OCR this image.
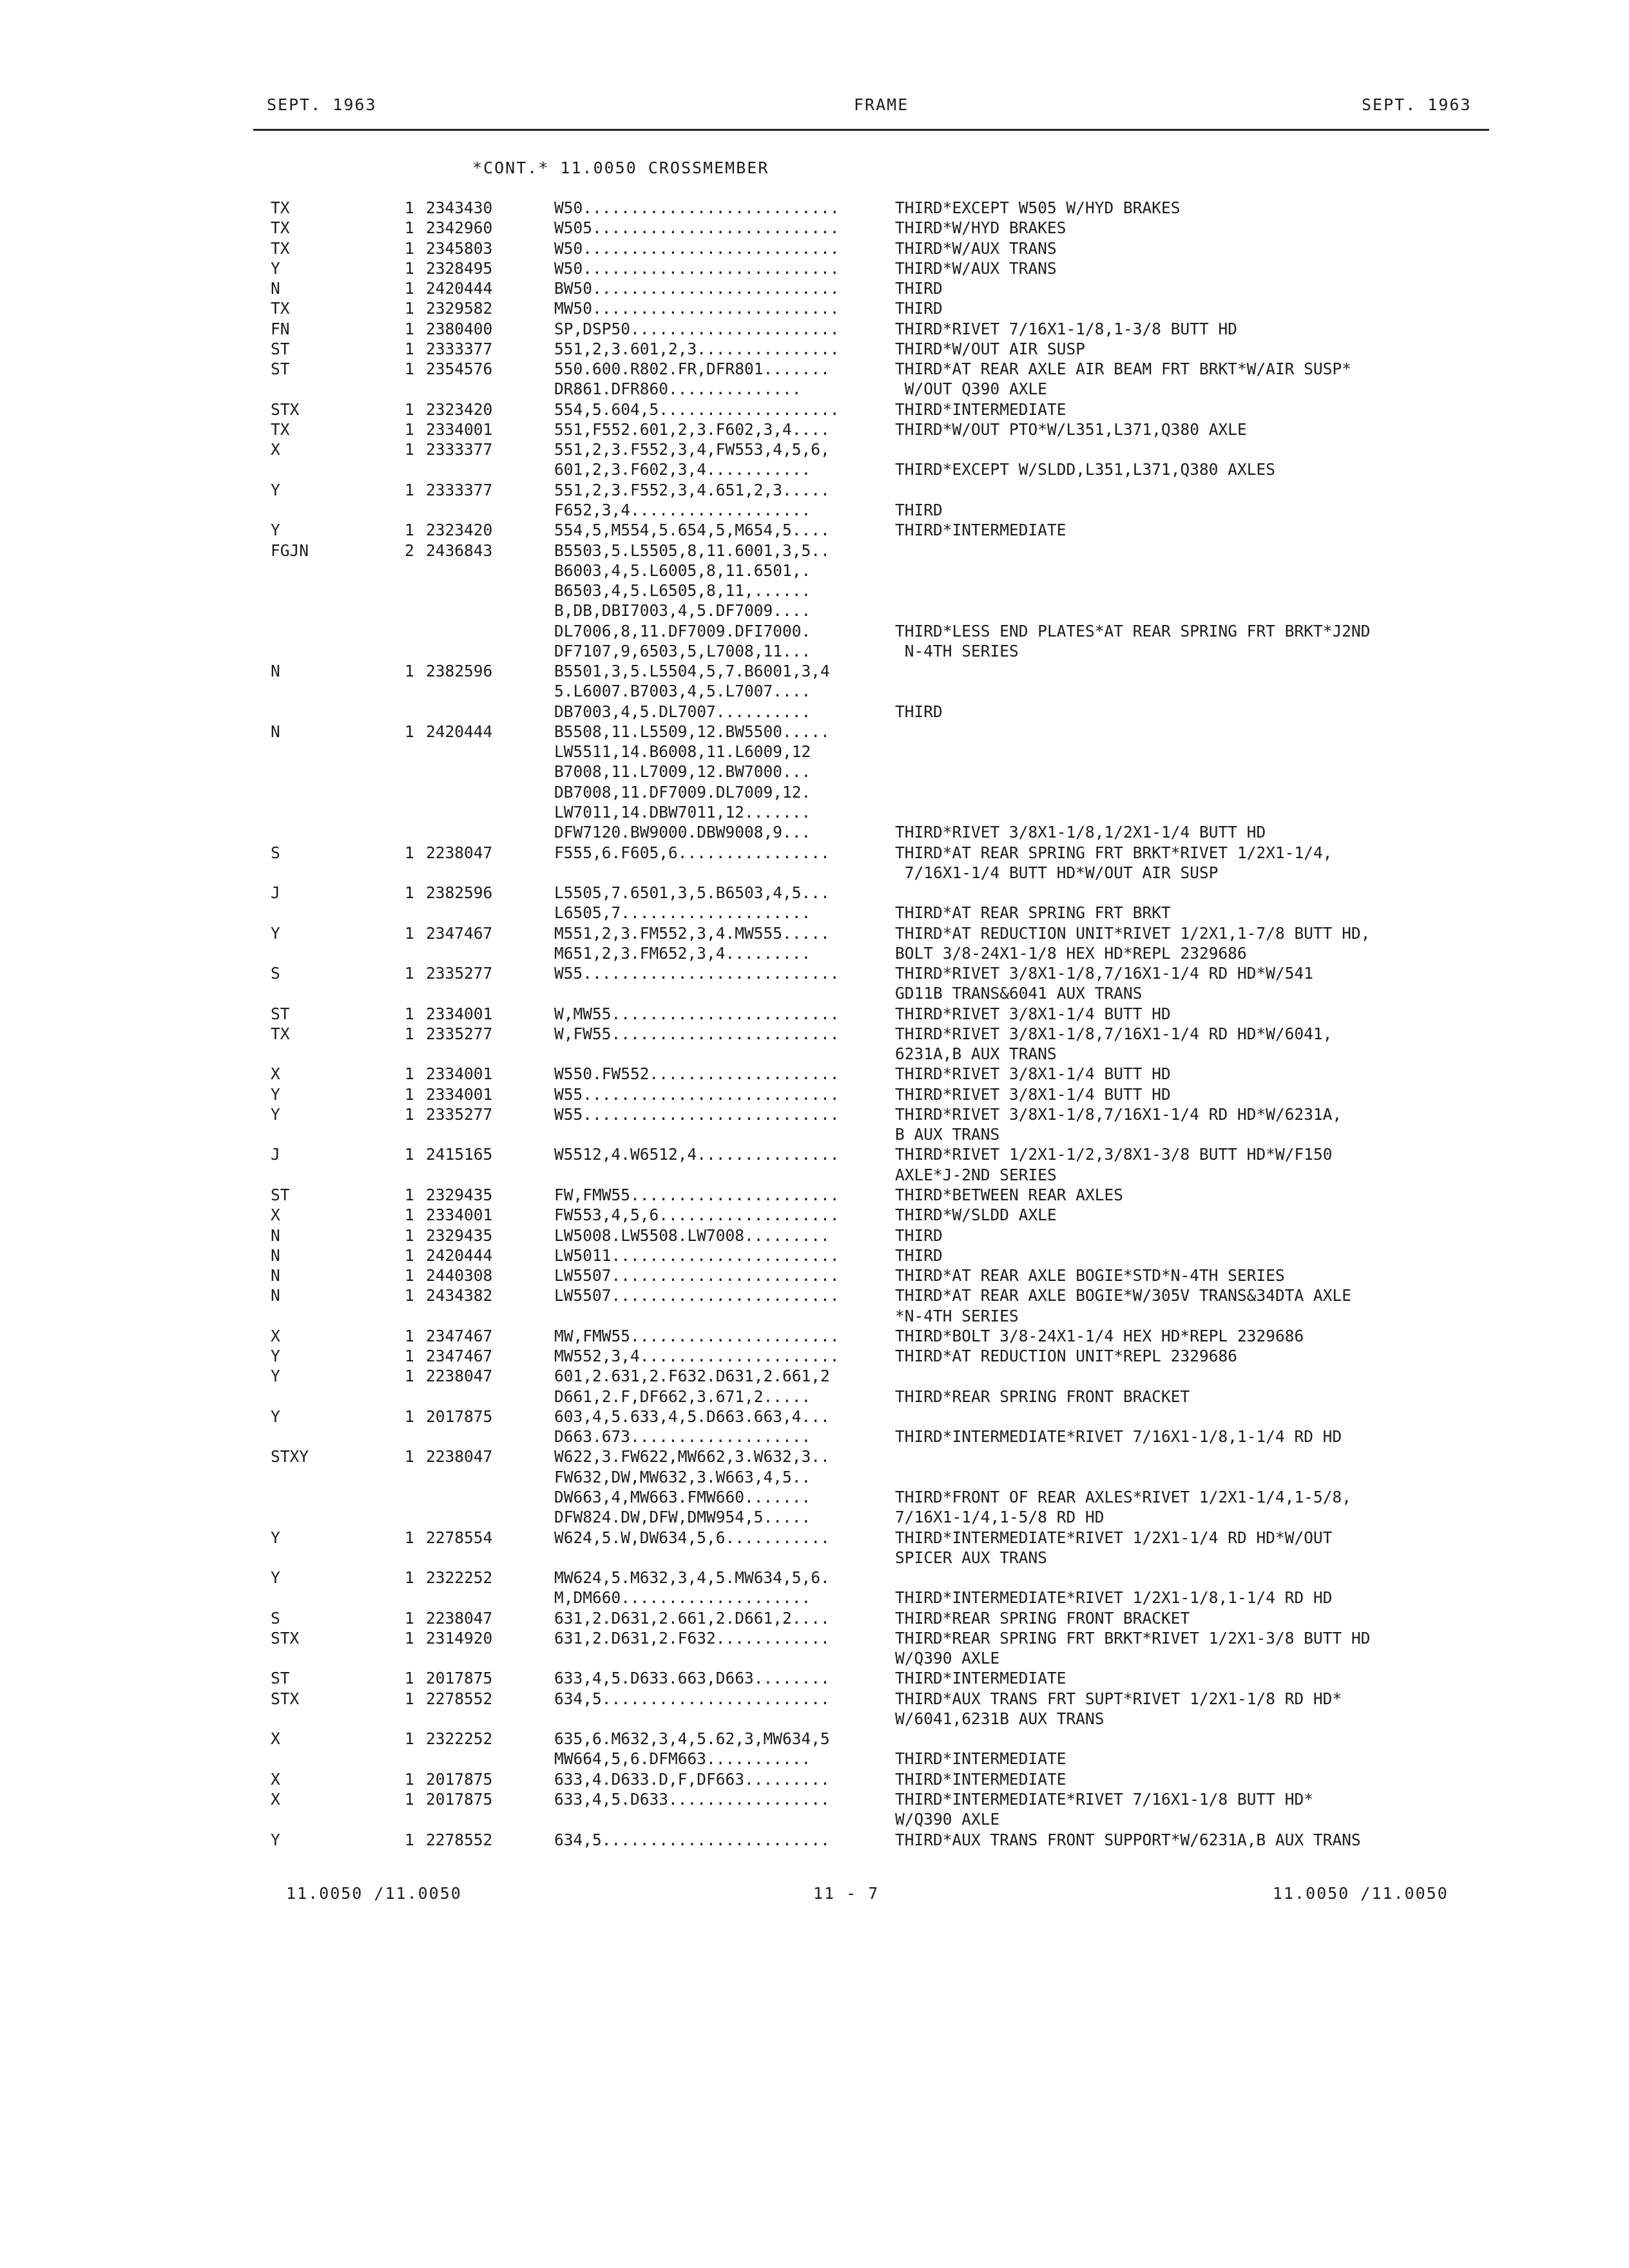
SEPT. 1963	FRAME	SEPT. 1963
*CONT.* 11.0050 CROSSMEMBER
TX	1 2343430	W50...........................	THIRD*EXCEPT W505 W/HYD BRAKES
TX	1 2342960	W505..........................	THIRD*W/HYD BRAKES
TX	1 2345803	W50...........................	THIRD*W/AUX TRANS
Y	1 2328495	W50...........................	THIRD*W/AUX TRANS
N	1 2420444	BW50..........................	THIRD
TX	1 2329582	MW50..........................	THIRD
FN	1 2380400	SP,DSP50......................	THIRD*RIVET 7/16X1-1/8,1-3/8 BUTT HD
ST	1 2333377	551,2,3.601,2,3...............	THIRD*W/OUT AIR SUSP
ST	1 2354576	550.600.R802.FR,DFR801.......	THIRD*AT REAR AXLE AIR BEAM FRT BRKT*W/AIR SUSP*
DR861.DFR860..............	W/OUT Q390 AXLE
STX	1 2323420	554,5.604,5...................	THIRD*INTERMEDIATE
TX	1 2334001	551,F552.601,2,3.F602,3,4....	THIRD*W/OUT PTO*W/L351,L371,Q380 AXLE
X	1 2333377	551,2,3.F552,3,4,FW553,4,5,6,
601,2,3.F602,3,4...........	THIRD*EXCEPT W/SLDD,L351,L371,Q380 AXLES
Y	1 2333377	551,2,3.F552,3,4.651,2,3.....
F652,3,4...................	THIRD
Y	1 2323420	554,5,M554,5.654,5,M654,5....	THIRD*INTERMEDIATE
FGJN	2 2436843	B5503,5.L5505,8,11.6001,3,5..
B6003,4,5.L6005,8,11.6501,.
B6503,4,5.L6505,8,11,......
B,DB,DBI7003,4,5.DF7009....
DL7006,8,11.DF7009.DFI7000.	THIRD*LESS END PLATES*AT REAR SPRING FRT BRKT*J2ND
DF7107,9,6503,5,L7008,11...	N-4TH SERIES
N	1 2382596	B5501,3,5.L5504,5,7.B6001,3,4
5.L6007.B7003,4,5.L7007....
DB7003,4,5.DL7007..........	THIRD
N	1 2420444	B5508,11.L5509,12.BW5500.....
LW5511,14.B6008,11.L6009,12
B7008,11.L7009,12.BW7000...
DB7008,11.DF7009.DL7009,12.
LW7011,14.DBW7011,12.......
DFW7120.BW9000.DBW9008,9...	THIRD*RIVET 3/8X1-1/8,1/2X1-1/4 BUTT HD
S	1 2238047	F555,6.F605,6................	THIRD*AT REAR SPRING FRT BRKT*RIVET 1/2X1-1/4,
7/16X1-1/4 BUTT HD*W/OUT AIR SUSP
J	1 2382596	L5505,7.6501,3,5.B6503,4,5...
L6505,7....................	THIRD*AT REAR SPRING FRT BRKT
Y	1 2347467	M551,2,3.FM552,3,4.MW555.....	THIRD*AT REDUCTION UNIT*RIVET 1/2X1,1-7/8 BUTT HD,
M651,2,3.FM652,3,4.........	BOLT 3/8-24X1-1/8 HEX HD*REPL 2329686
S	1 2335277	W55...........................	THIRD*RIVET 3/8X1-1/8,7/16X1-1/4 RD HD*W/541
GD11B TRANS&6041 AUX TRANS
ST	1 2334001	W,MW55........................	THIRD*RIVET 3/8X1-1/4 BUTT HD
TX	1 2335277	W,FW55........................	THIRD*RIVET 3/8X1-1/8,7/16X1-1/4 RD HD*W/6041,
6231A,B AUX TRANS
X	1 2334001	W550.FW552....................	THIRD*RIVET 3/8X1-1/4 BUTT HD
Y	1 2334001	W55...........................	THIRD*RIVET 3/8X1-1/4 BUTT HD
Y	1 2335277	W55...........................	THIRD*RIVET 3/8X1-1/8,7/16X1-1/4 RD HD*W/6231A,
B AUX TRANS
J	1 2415165	W5512,4.W6512,4...............	THIRD*RIVET 1/2X1-1/2,3/8X1-3/8 BUTT HD*W/F150
AXLE*J-2ND SERIES
ST	1 2329435	FW,FMW55......................	THIRD*BETWEEN REAR AXLES
X	1 2334001	FW553,4,5,6...................	THIRD*W/SLDD AXLE
N	1 2329435	LW5008.LW5508.LW7008.........	THIRD
N	1 2420444	LW5011........................	THIRD
N	1 2440308	LW5507........................	THIRD*AT REAR AXLE BOGIE*STD*N-4TH SERIES
N	1 2434382	LW5507........................	THIRD*AT REAR AXLE BOGIE*W/305V TRANS&34DTA AXLE
*N-4TH SERIES
X	1 2347467	MW,FMW55......................	THIRD*BOLT 3/8-24X1-1/4 HEX HD*REPL 2329686
Y	1 2347467	MW552,3,4.....................	THIRD*AT REDUCTION UNIT*REPL 2329686
Y	1 2238047	601,2.631,2.F632.D631,2.661,2
D661,2.F,DF662,3.671,2.....	THIRD*REAR SPRING FRONT BRACKET
Y	1 2017875	603,4,5.633,4,5.D663.663,4...
D663.673...................	THIRD*INTERMEDIATE*RIVET 7/16X1-1/8,1-1/4 RD HD
STXY	1 2238047	W622,3.FW622,MW662,3.W632,3..
FW632,DW,MW632,3.W663,4,5..
DW663,4,MW663.FMW660.......	THIRD*FRONT OF REAR AXLES*RIVET 1/2X1-1/4,1-5/8,
DFW824.DW,DFW,DMW954,5.....	7/16X1-1/4,1-5/8 RD HD
Y	1 2278554	W624,5.W,DW634,5,6...........	THIRD*INTERMEDIATE*RIVET 1/2X1-1/4 RD HD*W/OUT
SPICER AUX TRANS
Y	1 2322252	MW624,5.M632,3,4,5.MW634,5,6.
M,DM660....................	THIRD*INTERMEDIATE*RIVET 1/2X1-1/8,1-1/4 RD HD
S	1 2238047	631,2.D631,2.661,2.D661,2....	THIRD*REAR SPRING FRONT BRACKET
STX	1 2314920	631,2.D631,2.F632............	THIRD*REAR SPRING FRT BRKT*RIVET 1/2X1-3/8 BUTT HD
W/Q390 AXLE
ST	1 2017875	633,4,5.D633.663,D663........	THIRD*INTERMEDIATE
STX	1 2278552	634,5........................	THIRD*AUX TRANS FRT SUPT*RIVET 1/2X1-1/8 RD HD*
W/6041,6231B AUX TRANS
X	1 2322252	635,6.M632,3,4,5.62,3,MW634,5
MW664,5,6.DFM663...........	THIRD*INTERMEDIATE
X	1 2017875	633,4.D633.D,F,DF663.........	THIRD*INTERMEDIATE
X	1 2017875	633,4,5.D633.................	THIRD*INTERMEDIATE*RIVET 7/16X1-1/8 BUTT HD*
W/Q390 AXLE
Y	1 2278552	634,5........................	THIRD*AUX TRANS FRONT SUPPORT*W/6231A,B AUX TRANS
11.0050 /11.0050	11 - 7	11.0050 /11.0050
